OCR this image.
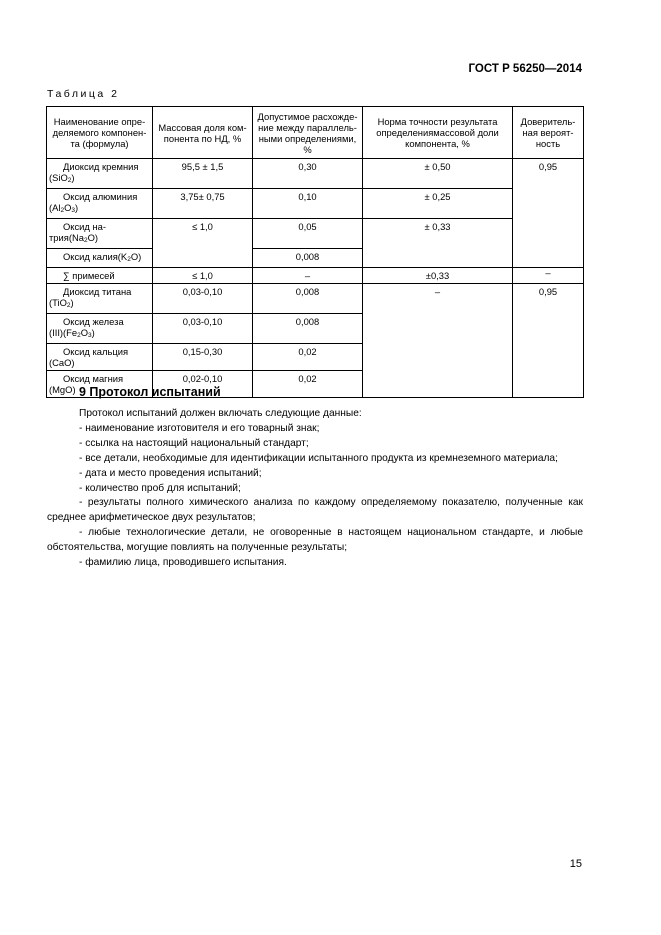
ГОСТ Р 56250—2014
Таблица 2
Наименование опре-деляемого компонен-та (формула)	Массовая доля ком-понента по НД, %	Допустимое расхожде-ние между параллель-ными определениями, %	Норма точности результата определениямассовой доли компонента, %	Доверитель-ная вероят-ность

Диоксид кремния
(SiO2)	95,5 ± 1,5	0,30	± 0,50	0,95

Оксид алюминия
(Al2O3)	3,75± 0,75	0,10	± 0,25	

Оксид на-
трия(Na2O)	≤ 1,0	0,05	± 0,33	
Оксид калия(K2O)		0,008		
∑ примесей	≤ 1,0	–	±0,33	–

Диоксид титана
(TiO2)	0,03-0,10	0,008	–	0,95

Оксид железа
(III)(Fe2O3)	0,03-0,10	0,008		

Оксид кальция
(CaO)	0,15-0,30	0,02		

Оксид магния
(MgO)	0,02-0,10	0,02		
9 Протокол испытаний

Протокол испытаний должен включать следующие данные:

- наименование изготовителя и его товарный знак;

- ссылка на настоящий национальный стандарт;

- все детали, необходимые для идентификации испытанного продукта из кремнеземного материала;

- дата и место проведения испытаний;

- количество проб для испытаний;

- результаты полного химического анализа по каждому определяемому показателю, полученные как среднее арифметическое двух результатов;

- любые технологические детали, не оговоренные в настоящем национальном стандарте, и любые обстоятельства, могущие повлиять на полученные результаты;

- фамилию лица, проводившего испытания.

15
